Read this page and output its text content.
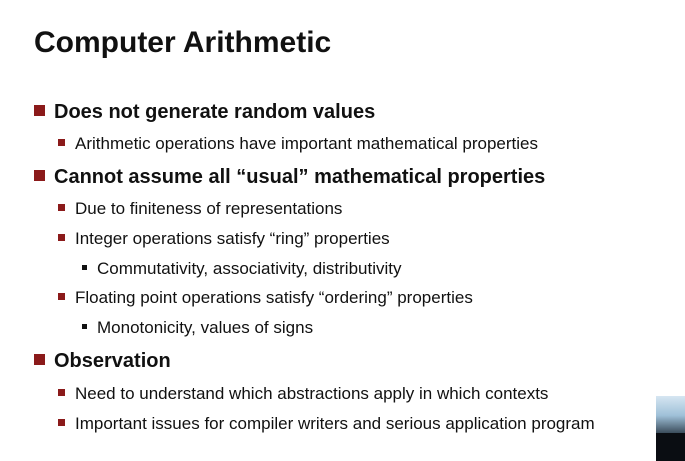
Computer Arithmetic
Does not generate random values
Arithmetic operations have important mathematical properties
Cannot assume all “usual” mathematical properties
Due to finiteness of representations
Integer operations satisfy “ring” properties
Commutativity, associativity, distributivity
Floating point operations satisfy “ordering” properties
Monotonicity, values of signs
Observation
Need to understand which abstractions apply in which contexts
Important issues for compiler writers and serious application program
